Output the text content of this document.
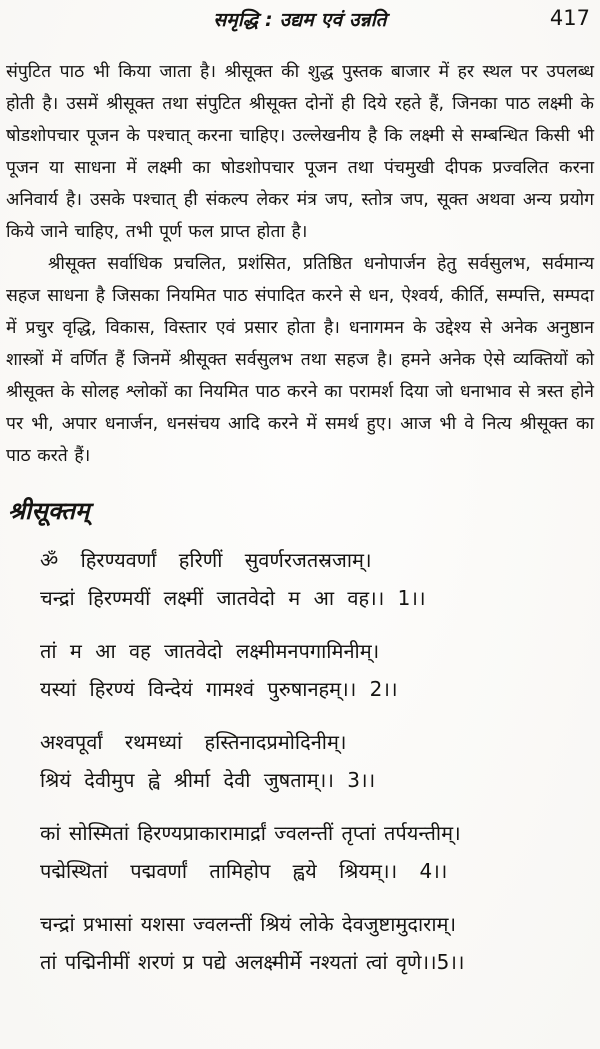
समृद्धि : उद्यम एवं उन्नति	417

संपुटित पाठ भी किया जाता है। श्रीसूक्त की शुद्ध पुस्तक बाजार में हर स्थल पर उपलब्ध होती है। उसमें श्रीसूक्त तथा संपुटित श्रीसूक्त दोनों ही दिये रहते हैं, जिनका पाठ लक्ष्मी के षोडशोपचार पूजन के पश्चात् करना चाहिए। उल्लेखनीय है कि लक्ष्मी से सम्बन्धित किसी भी पूजन या साधना में लक्ष्मी का षोडशोपचार पूजन तथा पंचमुखी दीपक प्रज्वलित करना अनिवार्य है। उसके पश्चात् ही संकल्प लेकर मंत्र जप, स्तोत्र जप, सूक्त अथवा अन्य प्रयोग किये जाने चाहिए, तभी पूर्ण फल प्राप्त होता है।

श्रीसूक्त सर्वाधिक प्रचलित, प्रशंसित, प्रतिष्ठित धनोपार्जन हेतु सर्वसुलभ, सर्वमान्य सहज साधना है जिसका नियमित पाठ संपादित करने से धन, ऐश्वर्य, कीर्ति, सम्पत्ति, सम्पदा में प्रचुर वृद्धि, विकास, विस्तार एवं प्रसार होता है। धनागमन के उद्देश्य से अनेक अनुष्ठान शास्त्रों में वर्णित हैं जिनमें श्रीसूक्त सर्वसुलभ तथा सहज है। हमने अनेक ऐसे व्यक्तियों को श्रीसूक्त के सोलह श्लोकों का नियमित पाठ करने का परामर्श दिया जो धनाभाव से त्रस्त होने पर भी, अपार धनार्जन, धनसंचय आदि करने में समर्थ हुए। आज भी वे नित्य श्रीसूक्त का पाठ करते हैं।

श्रीसूक्तम्
ॐ हिरण्यवर्णां हरिणीं सुवर्णरजतस्रजाम्।
चन्द्रां हिरण्मयीं लक्ष्मीं जातवेदो म आ वह।। 1।।
तां म आ वह जातवेदो लक्ष्मीमनपगामिनीम्।
यस्यां हिरण्यं विन्देयं गामश्वं पुरुषानहम्।। 2।।
अश्वपूर्वां रथमध्यां हस्तिनादप्रमोदिनीम्।
श्रियं देवीमुप ह्वे श्रीर्मा देवी जुषताम्।। 3।।
कां सोस्मितां हिरण्यप्राकारामार्द्रां ज्वलन्तीं तृप्तां तर्पयन्तीम्।
पद्मेस्थितां पद्मवर्णां तामिहोप ह्वये श्रियम्।। 4।।
चन्द्रां प्रभासां यशसा ज्वलन्तीं श्रियं लोके देवजुष्टामुदाराम्।
तां पद्मिनीमीं शरणं प्र पद्ये अलक्ष्मीर्मे नश्यतां त्वां वृणे।।5।।
